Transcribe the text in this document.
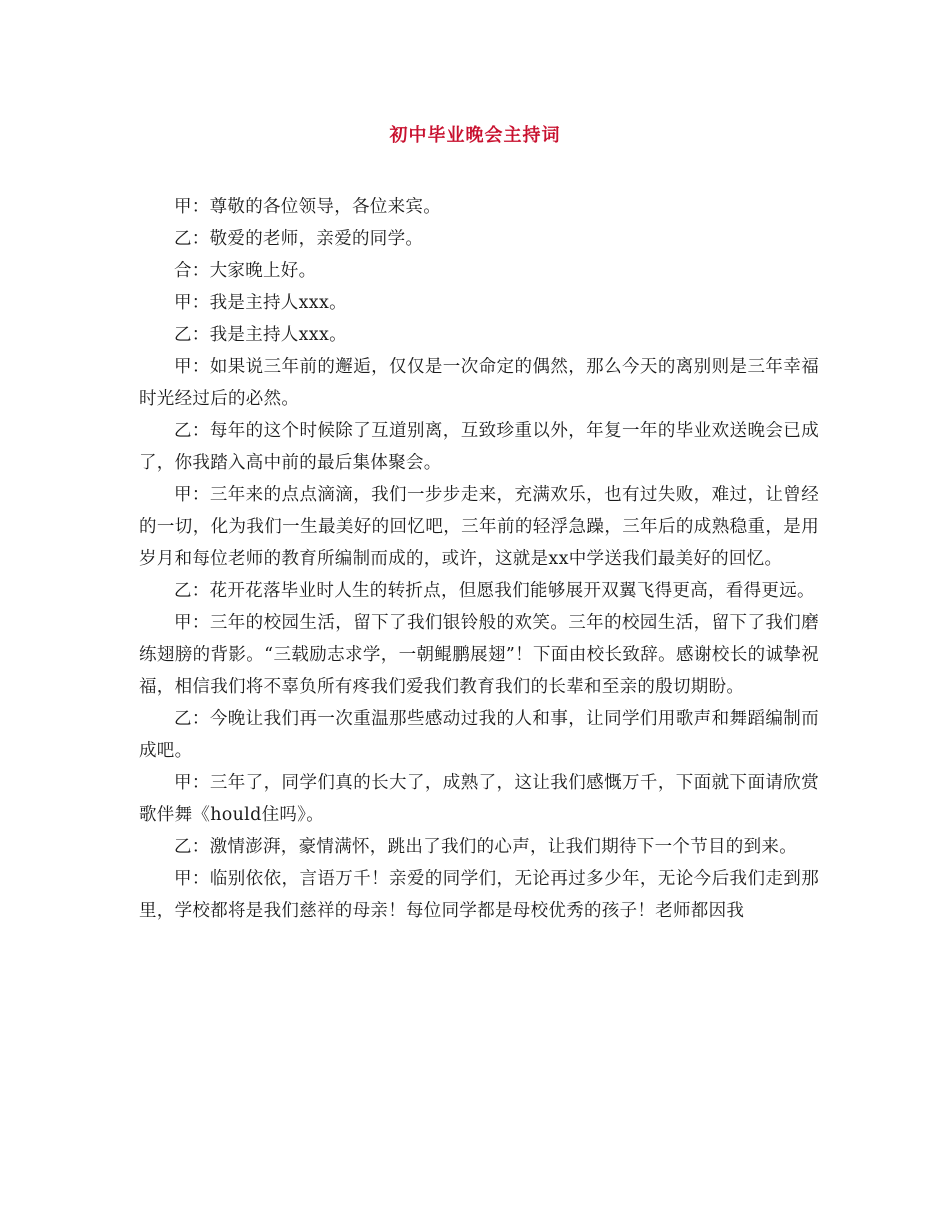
初中毕业晚会主持词

甲：尊敬的各位领导，各位来宾。

乙：敬爱的老师，亲爱的同学。

合：大家晚上好。

甲：我是主持人xxx。

乙：我是主持人xxx。

甲：如果说三年前的邂逅，仅仅是一次命定的偶然，那么今天的离别则是三年幸福时光经过后的必然。

乙：每年的这个时候除了互道别离，互致珍重以外，年复一年的毕业欢送晚会已成了，你我踏入高中前的最后集体聚会。

甲：三年来的点点滴滴，我们一步步走来，充满欢乐，也有过失败，难过，让曾经的一切，化为我们一生最美好的回忆吧，三年前的轻浮急躁，三年后的成熟稳重，是用岁月和每位老师的教育所编制而成的，或许，这就是xx中学送我们最美好的回忆。

乙：花开花落毕业时人生的转折点，但愿我们能够展开双翼飞得更高，看得更远。

甲：三年的校园生活，留下了我们银铃般的欢笑。三年的校园生活，留下了我们磨练翅膀的背影。“三载励志求学，一朝鲲鹏展翅”！下面由校长致辞。感谢校长的诚挚祝福，相信我们将不辜负所有疼我们爱我们教育我们的长辈和至亲的殷切期盼。

乙：今晚让我们再一次重温那些感动过我的人和事，让同学们用歌声和舞蹈编制而成吧。

甲：三年了，同学们真的长大了，成熟了，这让我们感慨万千，下面就下面请欣赏歌伴舞《hould住吗》。

乙：激情澎湃，豪情满怀，跳出了我们的心声，让我们期待下一个节目的到来。

甲：临别依依，言语万千！亲爱的同学们，无论再过多少年，无论今后我们走到那里，学校都将是我们慈祥的母亲！每位同学都是母校优秀的孩子！老师都因我
